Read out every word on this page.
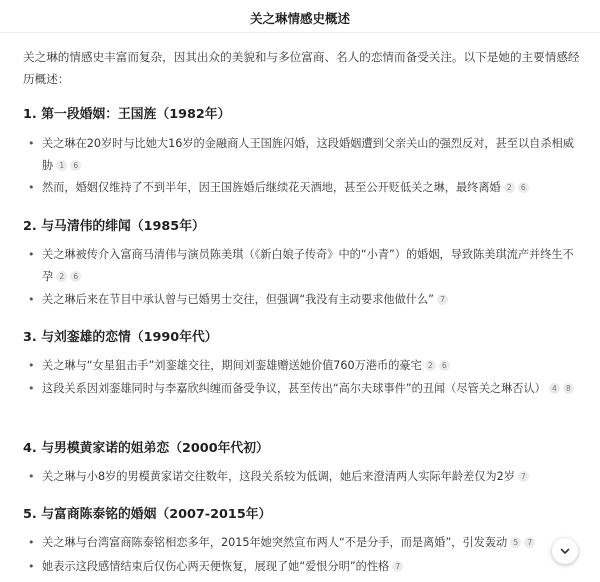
关之琳情感史概述
关之琳的情感史丰富而复杂，因其出众的美貌和与多位富商、名人的恋情而备受关注。以下是她的主要情感经历概述：
1. 第一段婚姻：王国旌（1982年）
• 关之琳在20岁时与比她大16岁的金融商人王国旌闪婚，这段婚姻遭到父亲关山的强烈反对，甚至以自杀相威胁 1 6
• 然而，婚姻仅维持了不到半年，因王国旌婚后继续花天酒地，甚至公开贬低关之琳，最终离婚 2 6
2. 与马清伟的绯闻（1985年）
• 关之琳被传介入富商马清伟与演员陈美琪（《新白娘子传奇》中的“小青”）的婚姻，导致陈美琪流产并终生不孕 2 6
• 关之琳后来在节目中承认曾与已婚男士交往，但强调“我没有主动要求他做什么” 7
3. 与刘銮雄的恋情（1990年代）
• 关之琳与“女星狙击手”刘銮雄交往，期间刘銮雄赠送她价值760万港币的豪宅 2 6
• 这段关系因刘銮雄同时与李嘉欣纠缠而备受争议，甚至传出“高尔夫球事件”的丑闻（尽管关之琳否认） 4 8
4. 与男模黄家诺的姐弟恋（2000年代初）
• 关之琳与小8岁的男模黄家诺交往数年，这段关系较为低调，她后来澄清两人实际年龄差仅为2岁 7
5. 与富商陈泰铭的婚姻（2007-2015年）
• 关之琳与台湾富商陈泰铭相恋多年，2015年她突然宣布两人“不是分手，而是离婚”，引发轰动 5 7
• 她表示这段感情结束后仅伤心两天便恢复，展现了她“爱恨分明”的性格 7
